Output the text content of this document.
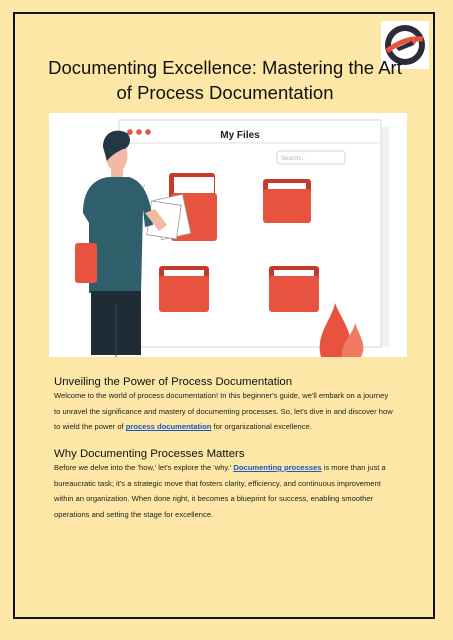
Documenting Excellence: Mastering the Art
of Process Documentation
My Files
Search...
Unveiling the Power of Process Documentation
Welcome to the world of process documentation! In this beginner's guide, we'll embark on a journey
to unravel the significance and mastery of documenting processes. So, let's dive in and discover how
to wield the power of process documentation for organizational excellence.
Why Documenting Processes Matters
Before we delve into the 'how,' let's explore the 'why.' Documenting processes is more than just a
bureaucratic task; it's a strategic move that fosters clarity, efficiency, and continuous improvement
within an organization. When done right, it becomes a blueprint for success, enabling smoother
operations and setting the stage for excellence.
